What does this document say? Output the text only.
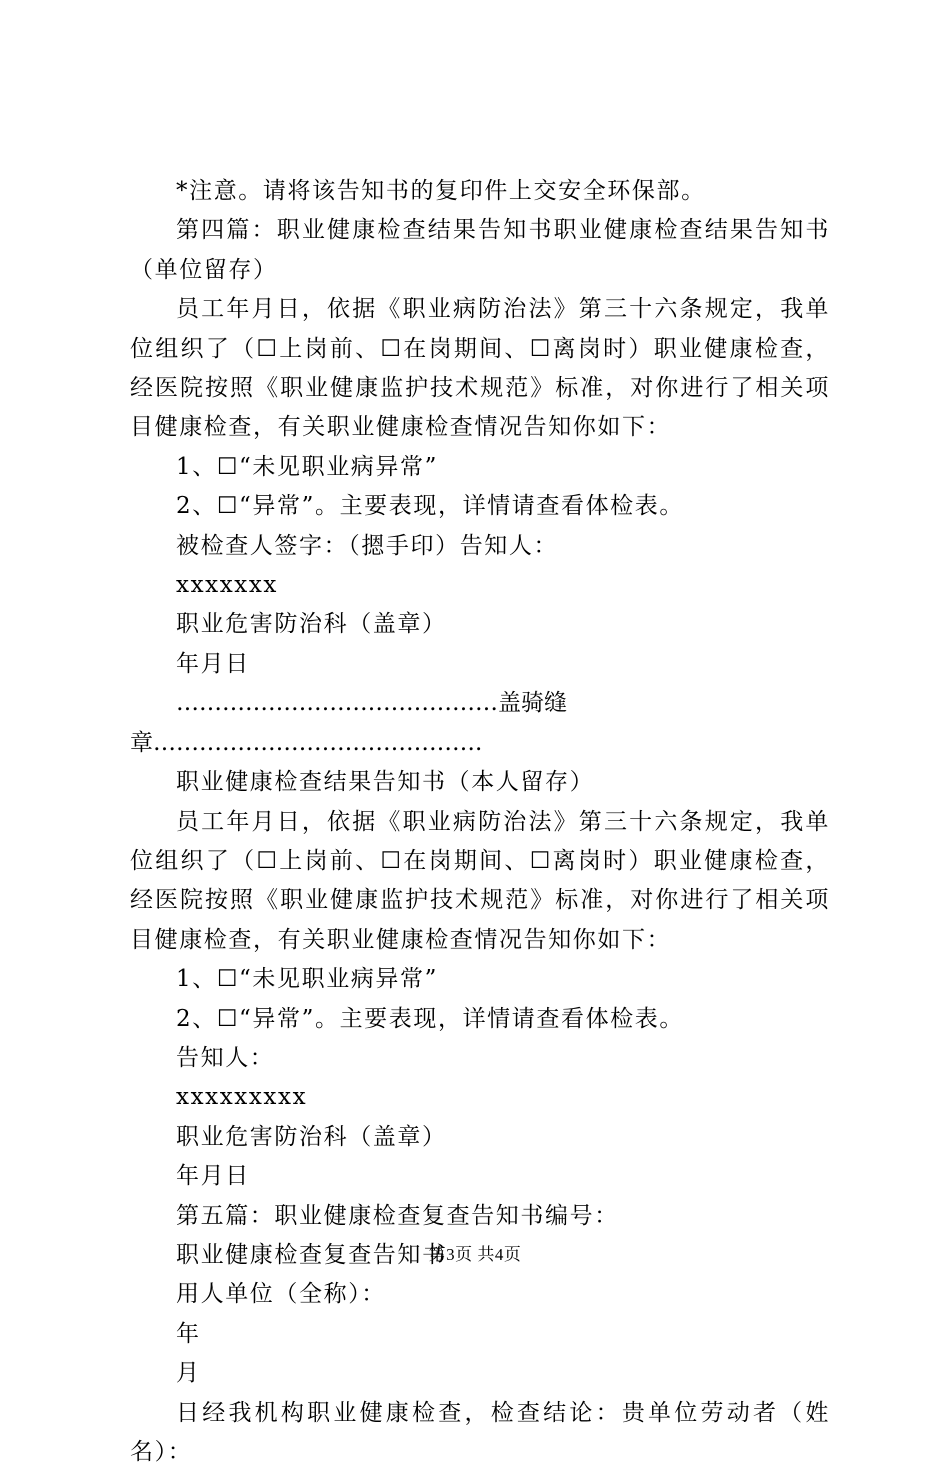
*注意。请将该告知书的复印件上交安全环保部。

第四篇：职业健康检查结果告知书职业健康检查结果告知书（单位留存）

员工年月日，依据《职业病防治法》第三十六条规定，我单位组织了（☐上岗前、☐在岗期间、☐离岗时）职业健康检查，经医院按照《职业健康监护技术规范》标准，对你进行了相关项目健康检查，有关职业健康检查情况告知你如下：

1、☐“未见职业病异常”

2、☐“异常”。主要表现，详情请查看体检表。

被检查人签字：（摁手印）告知人：

xxxxxxx

职业危害防治科（盖章）

年月日

……………………………………盖骑缝章…………………………………….

职业健康检查结果告知书（本人留存）

员工年月日，依据《职业病防治法》第三十六条规定，我单位组织了（☐上岗前、☐在岗期间、☐离岗时）职业健康检查，经医院按照《职业健康监护技术规范》标准，对你进行了相关项目健康检查，有关职业健康检查情况告知你如下：

1、☐“未见职业病异常”

2、☐“异常”。主要表现，详情请查看体检表。

告知人：

xxxxxxxxx

职业危害防治科（盖章）

年月日

第五篇：职业健康检查复查告知书编号：

职业健康检查复查告知书

用人单位（全称）：

年

月

日经我机构职业健康检查，检查结论：贵单位劳动者（姓名）：

第3页 共4页
